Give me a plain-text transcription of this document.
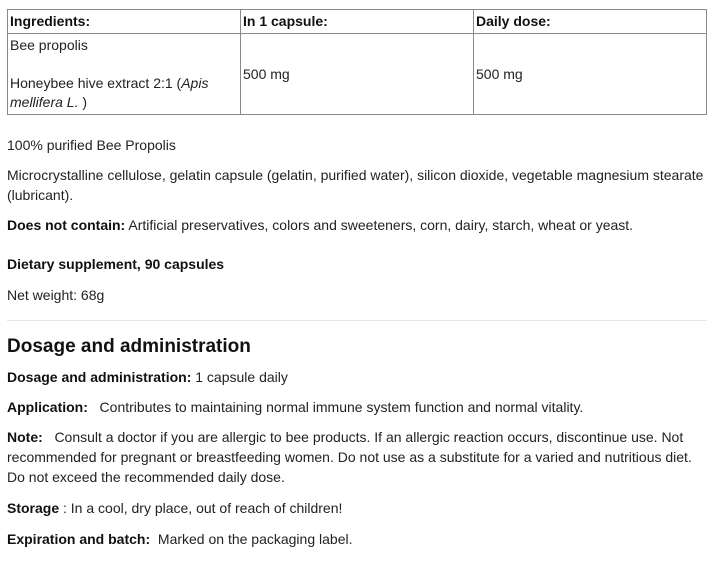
Ingredients:	In 1 capsule:	Daily dose:

Bee propolis
Honeybee hive extract 2:1 (Apis mellifera L. )	500 mg	500 mg

100% purified Bee Propolis

Microcrystalline cellulose, gelatin capsule (gelatin, purified water), silicon dioxide, vegetable magnesium stearate (lubricant).

Does not contain: Artificial preservatives, colors and sweeteners, corn, dairy, starch, wheat or yeast.

Dietary supplement, 90 capsules

Net weight: 68g

Dosage and administration

Dosage and administration: 1 capsule daily

Application:   Contributes to maintaining normal immune system function and normal vitality.

Note:   Consult a doctor if you are allergic to bee products. If an allergic reaction occurs, discontinue use. Not recommended for pregnant or breastfeeding women. Do not use as a substitute for a varied and nutritious diet. Do not exceed the recommended daily dose.

Storage : In a cool, dry place, out of reach of children!

Expiration and batch:  Marked on the packaging label.
